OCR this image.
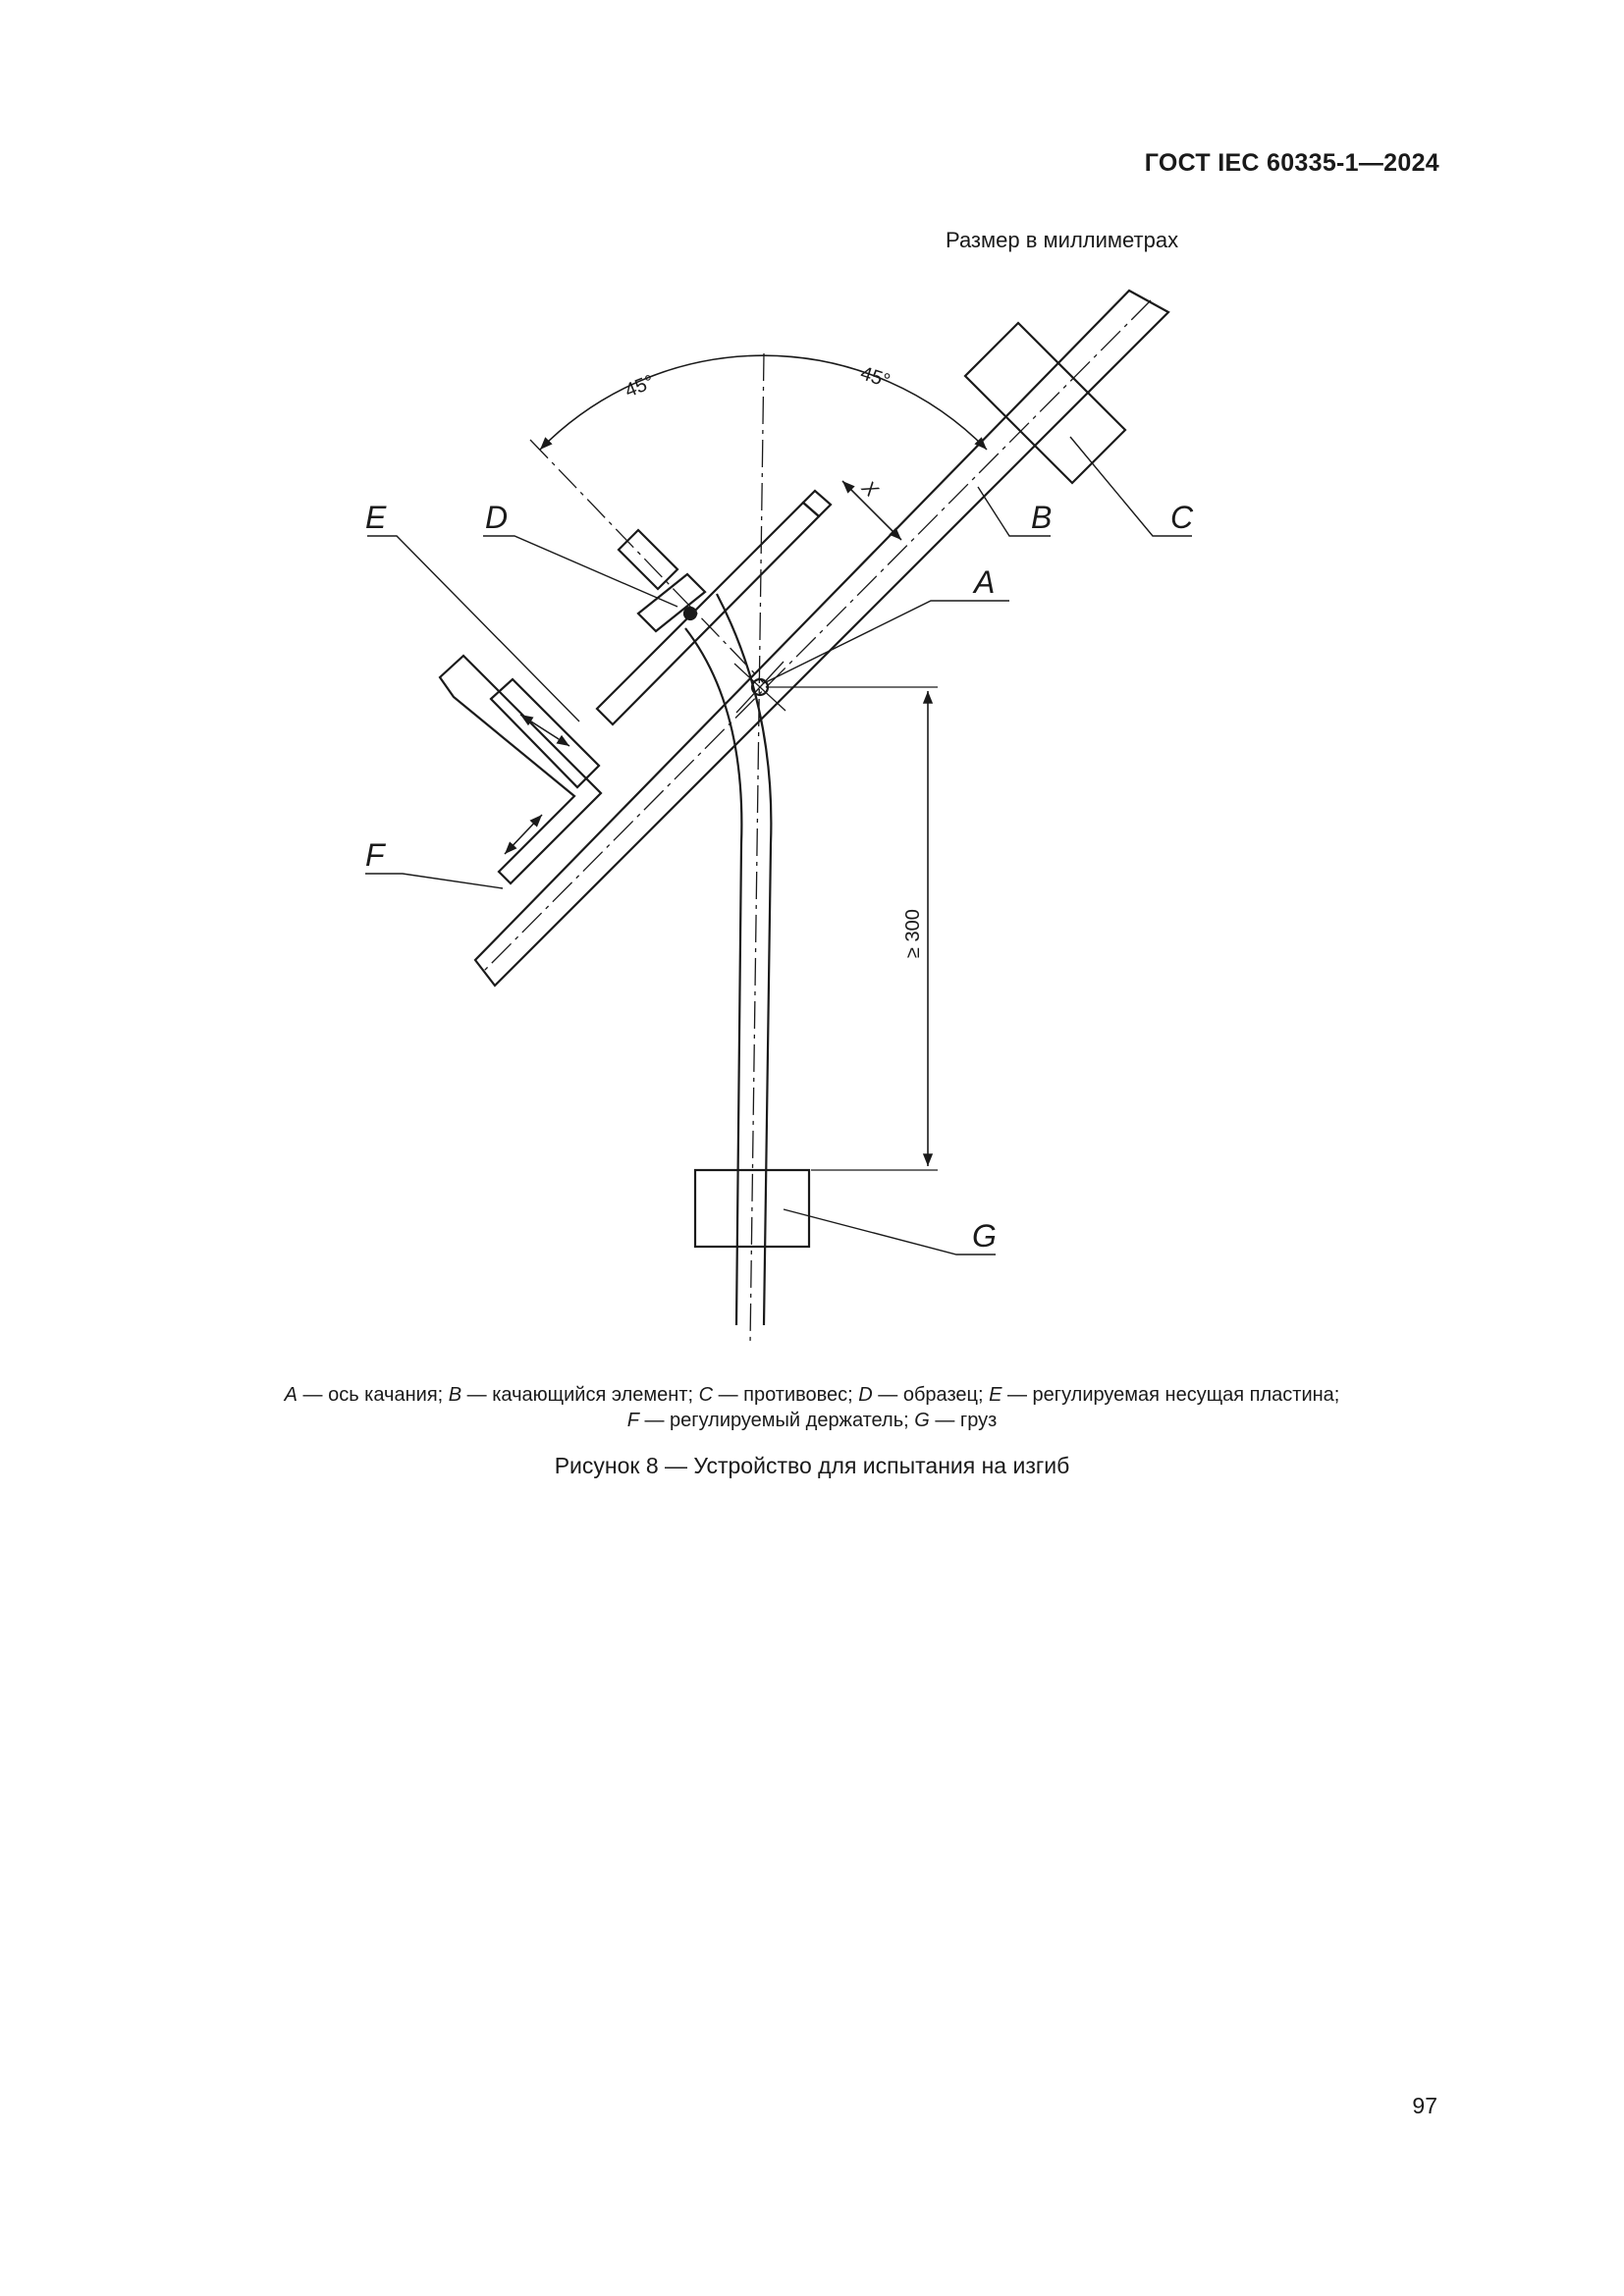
ГОСТ IEC 60335-1—2024
Размер в миллиметрах
A
B	C
D
E
F
G
45°	45°
X
≥ 300
A — ось качания; B — качающийся элемент; C — противовес; D — образец; E — регулируемая несущая пластина;
F — регулируемый держатель; G — груз
Рисунок 8 — Устройство для испытания на изгиб
97
